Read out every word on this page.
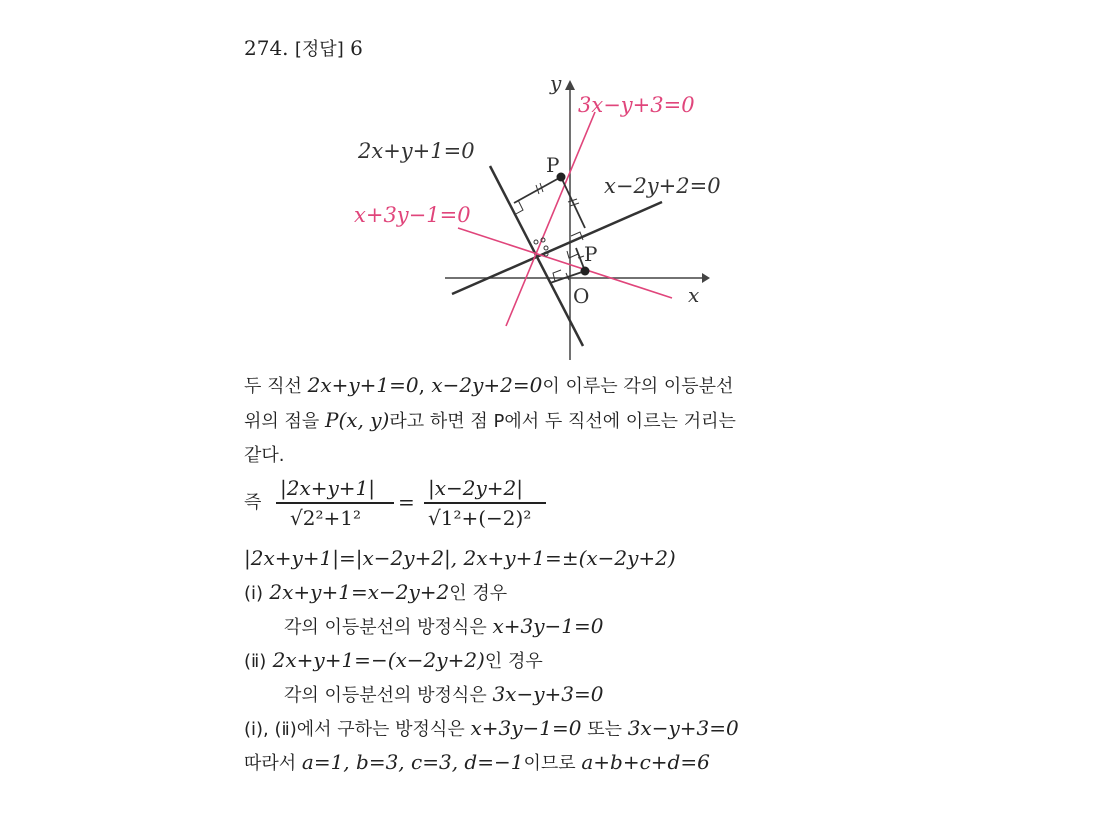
274. [정답] 6
y
x
O
P
P
2x+y+1=0
x−2y+2=0
3x−y+3=0
x+3y−1=0
두 직선 2x+y+1=0, x−2y+2=0이 이루는 각의 이등분선
위의 점을 P(x, y)라고 하면 점 P에서 두 직선에 이르는 거리는
같다.
즉
|2x+y+1|
√2²+1²
=
|x−2y+2|
√1²+(−2)²
|2x+y+1|=|x−2y+2|, 2x+y+1=±(x−2y+2)
(ⅰ) 2x+y+1=x−2y+2인 경우
각의 이등분선의 방정식은 x+3y−1=0
(ⅱ) 2x+y+1=−(x−2y+2)인 경우
각의 이등분선의 방정식은 3x−y+3=0
(ⅰ), (ⅱ)에서 구하는 방정식은 x+3y−1=0 또는 3x−y+3=0
따라서 a=1, b=3, c=3, d=−1이므로 a+b+c+d=6
